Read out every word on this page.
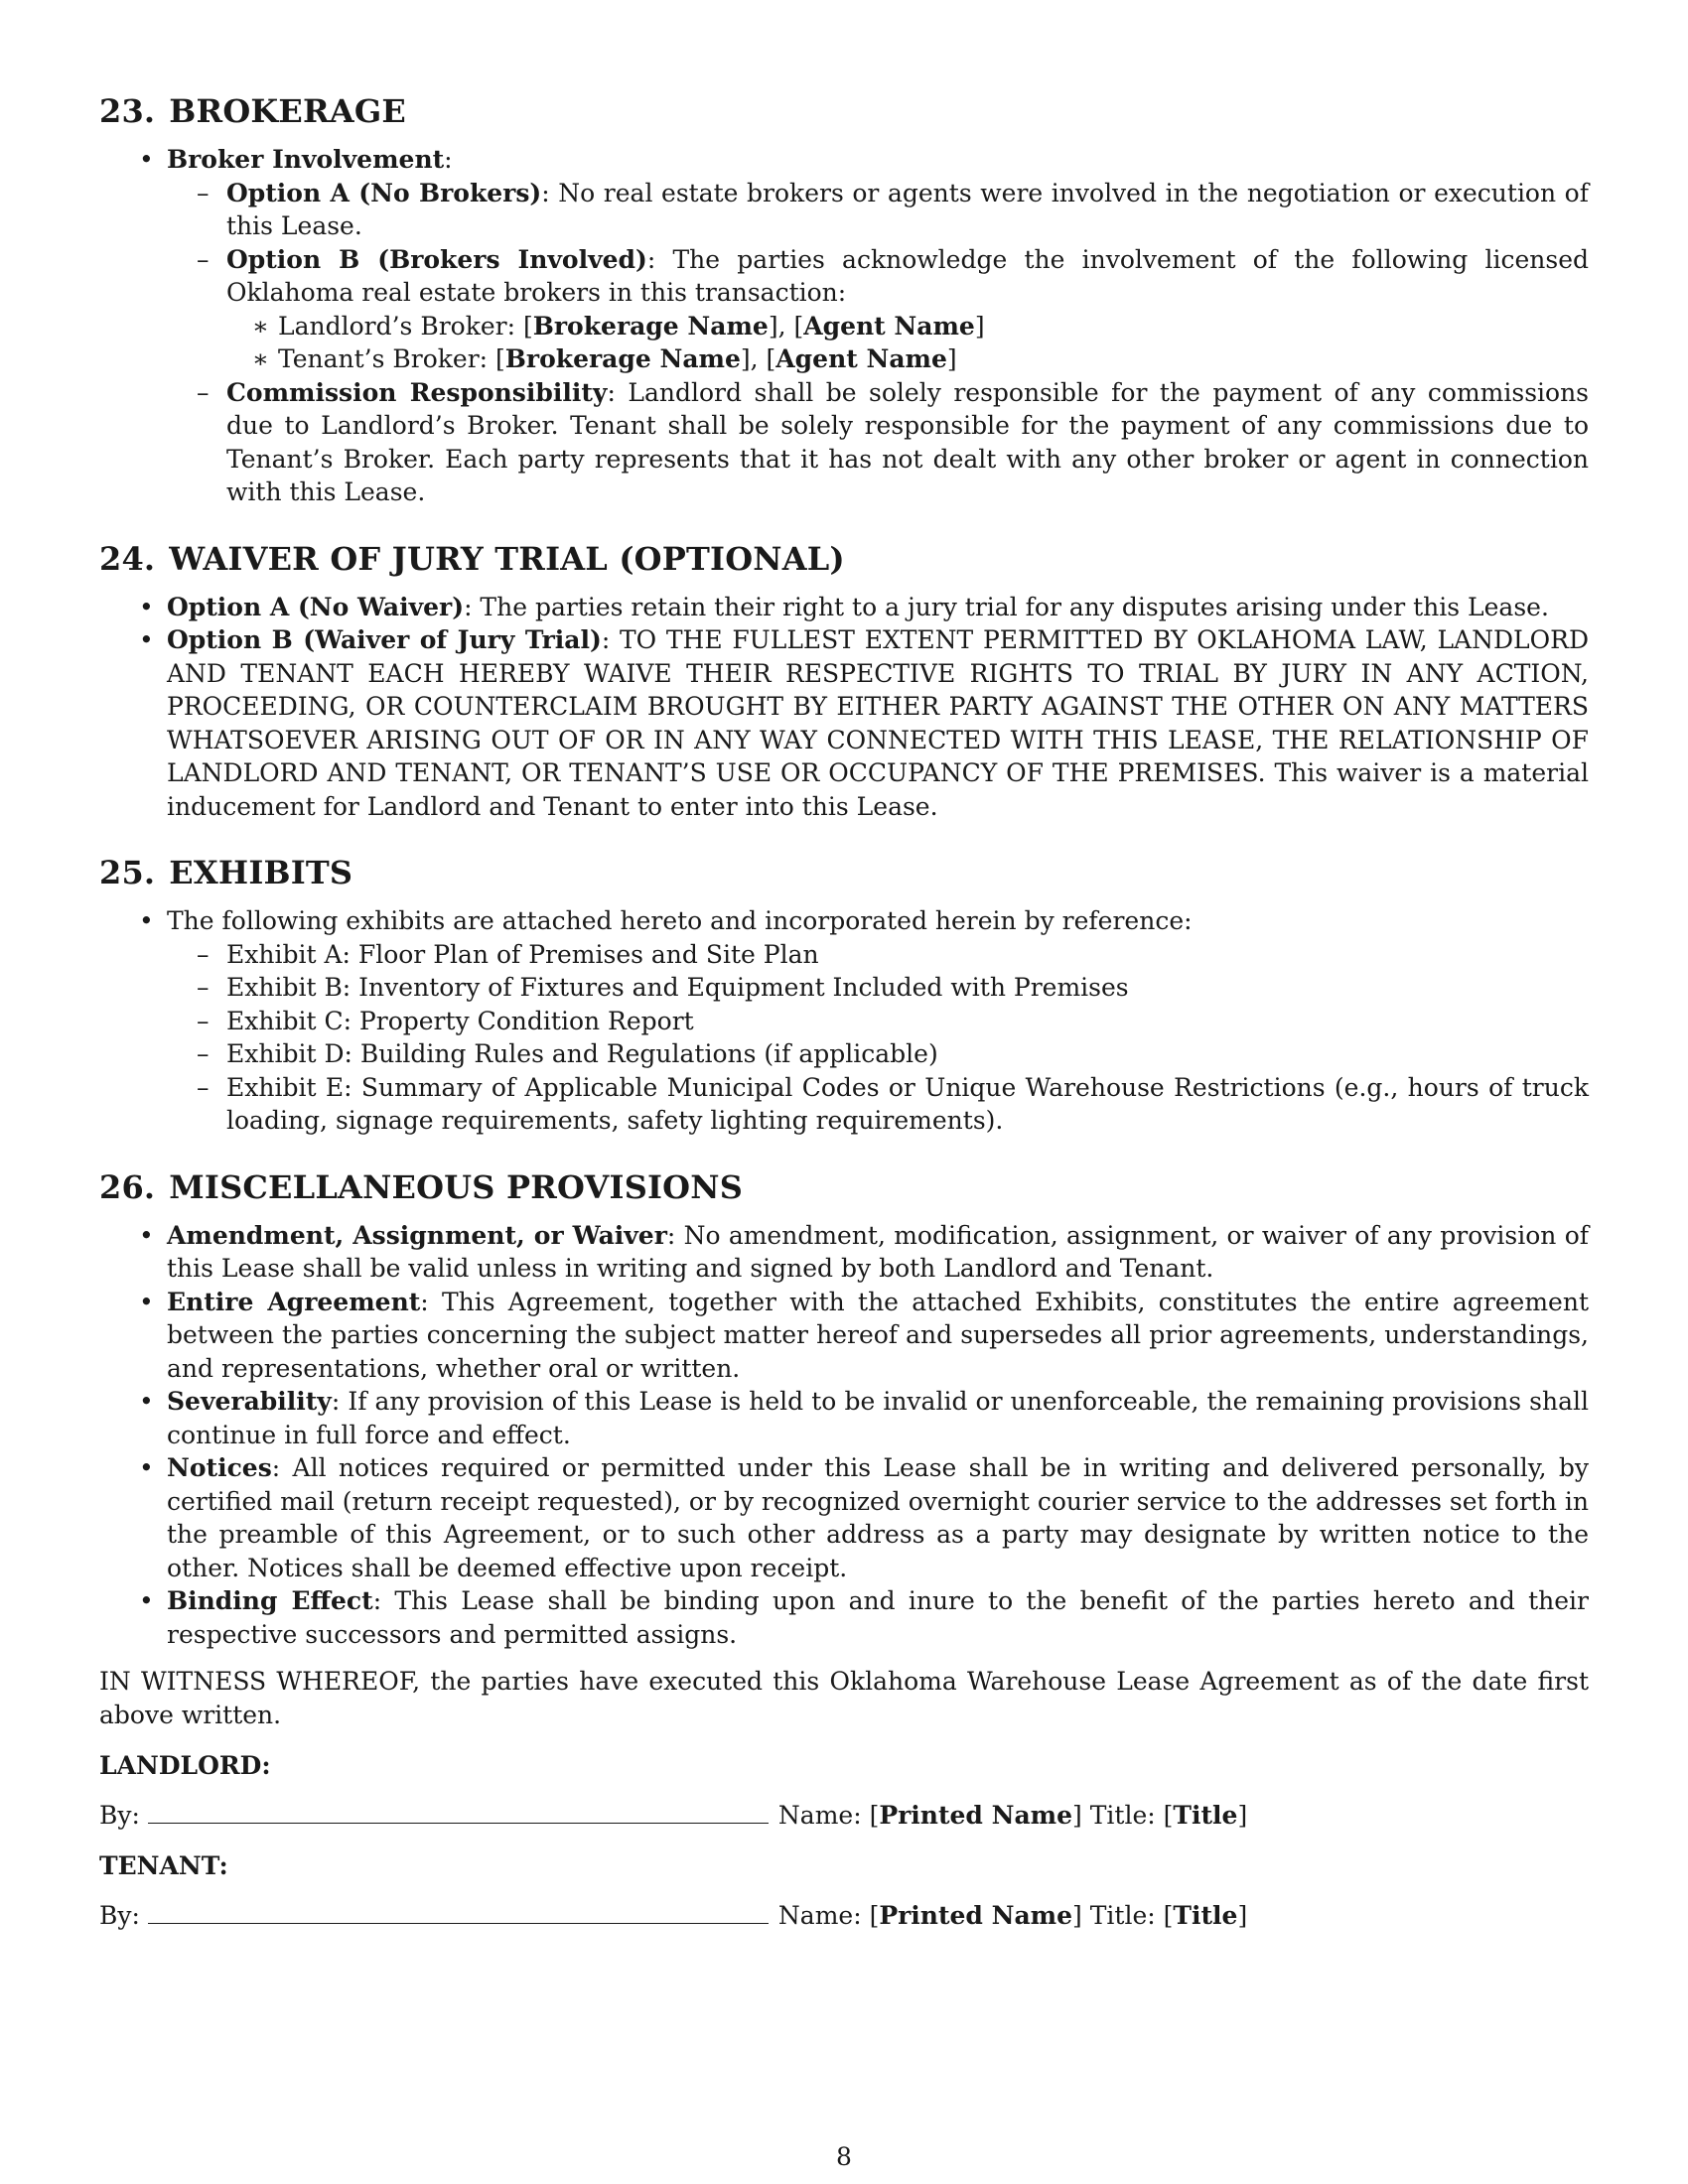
23. BROKERAGE
• Broker Involvement:
– Option A (No Brokers): No real estate brokers or agents were involved in the negotiation or execution of this Lease.
– Option B (Brokers Involved): The parties acknowledge the involvement of the following licensed Oklahoma real estate brokers in this transaction:
∗ Landlord’s Broker: [Brokerage Name], [Agent Name]
∗ Tenant’s Broker: [Brokerage Name], [Agent Name]
– Commission Responsibility: Landlord shall be solely responsible for the payment of any commissions due to Landlord’s Broker. Tenant shall be solely responsible for the payment of any commissions due to Tenant’s Broker. Each party represents that it has not dealt with any other broker or agent in connection with this Lease.
24. WAIVER OF JURY TRIAL (OPTIONAL)
• Option A (No Waiver): The parties retain their right to a jury trial for any disputes arising under this Lease.
• Option B (Waiver of Jury Trial): TO THE FULLEST EXTENT PERMITTED BY OKLAHOMA LAW, LANDLORD AND TENANT EACH HEREBY WAIVE THEIR RESPECTIVE RIGHTS TO TRIAL BY JURY IN ANY ACTION, PROCEEDING, OR COUNTERCLAIM BROUGHT BY EITHER PARTY AGAINST THE OTHER ON ANY MATTERS WHATSOEVER ARISING OUT OF OR IN ANY WAY CONNECTED WITH THIS LEASE, THE RELATIONSHIP OF LANDLORD AND TENANT, OR TENANT’S USE OR OCCUPANCY OF THE PREMISES. This waiver is a material inducement for Landlord and Tenant to enter into this Lease.
25. EXHIBITS
• The following exhibits are attached hereto and incorporated herein by reference:
– Exhibit A: Floor Plan of Premises and Site Plan
– Exhibit B: Inventory of Fixtures and Equipment Included with Premises
– Exhibit C: Property Condition Report
– Exhibit D: Building Rules and Regulations (if applicable)
– Exhibit E: Summary of Applicable Municipal Codes or Unique Warehouse Restrictions (e.g., hours of truck loading, signage requirements, safety lighting requirements).
26. MISCELLANEOUS PROVISIONS
• Amendment, Assignment, or Waiver: No amendment, modification, assignment, or waiver of any provision of this Lease shall be valid unless in writing and signed by both Landlord and Tenant.
• Entire Agreement: This Agreement, together with the attached Exhibits, constitutes the entire agreement between the parties concerning the subject matter hereof and supersedes all prior agreements, understandings, and representations, whether oral or written.
• Severability: If any provision of this Lease is held to be invalid or unenforceable, the remaining provisions shall continue in full force and effect.
• Notices: All notices required or permitted under this Lease shall be in writing and delivered personally, by certified mail (return receipt requested), or by recognized overnight courier service to the addresses set forth in the preamble of this Agreement, or to such other address as a party may designate by written notice to the other. Notices shall be deemed effective upon receipt.
• Binding Effect: This Lease shall be binding upon and inure to the benefit of the parties hereto and their respective successors and permitted assigns.

IN WITNESS WHEREOF, the parties have executed this Oklahoma Warehouse Lease Agreement as of the date first above written.

LANDLORD:
By:	Name: [Printed Name] Title: [Title]
TENANT:
By:	Name: [Printed Name] Title: [Title]
8
